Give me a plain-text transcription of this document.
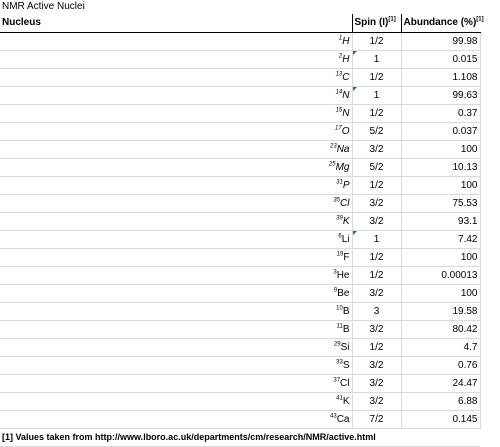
NMR Active Nuclei
Nucleus	Spin (I)[1]	Abundance (%)[1]
$^1$H	1/2	99.98
$^2$H	1	0.015
$^{13}$C	1/2	1.108
$^{14}$N	1	99.63
$^{15}$N	1/2	0.37
$^{17}$O	5/2	0.037
$^{23}$Na	3/2	100
$^{25}$Mg	5/2	10.13
$^{31}$P	1/2	100
$^{35}$Cl	3/2	75.53
$^{39}$K	3/2	93.1
$^6$Li	1	7.42
$^{19}$F	1/2	100
$^3$He	1/2	0.00013
$^9$Be	3/2	100
$^{10}$B	3	19.58
$^{11}$B	3/2	80.42
$^{29}$Si	1/2	4.7
$^{33}$S	3/2	0.76
$^{37}$Cl	3/2	24.47
$^{41}$K	3/2	6.88
$^{43}$Ca	7/2	0.145
[1] Values taken from http://www.lboro.ac.uk/departments/cm/research/NMR/active.html		
